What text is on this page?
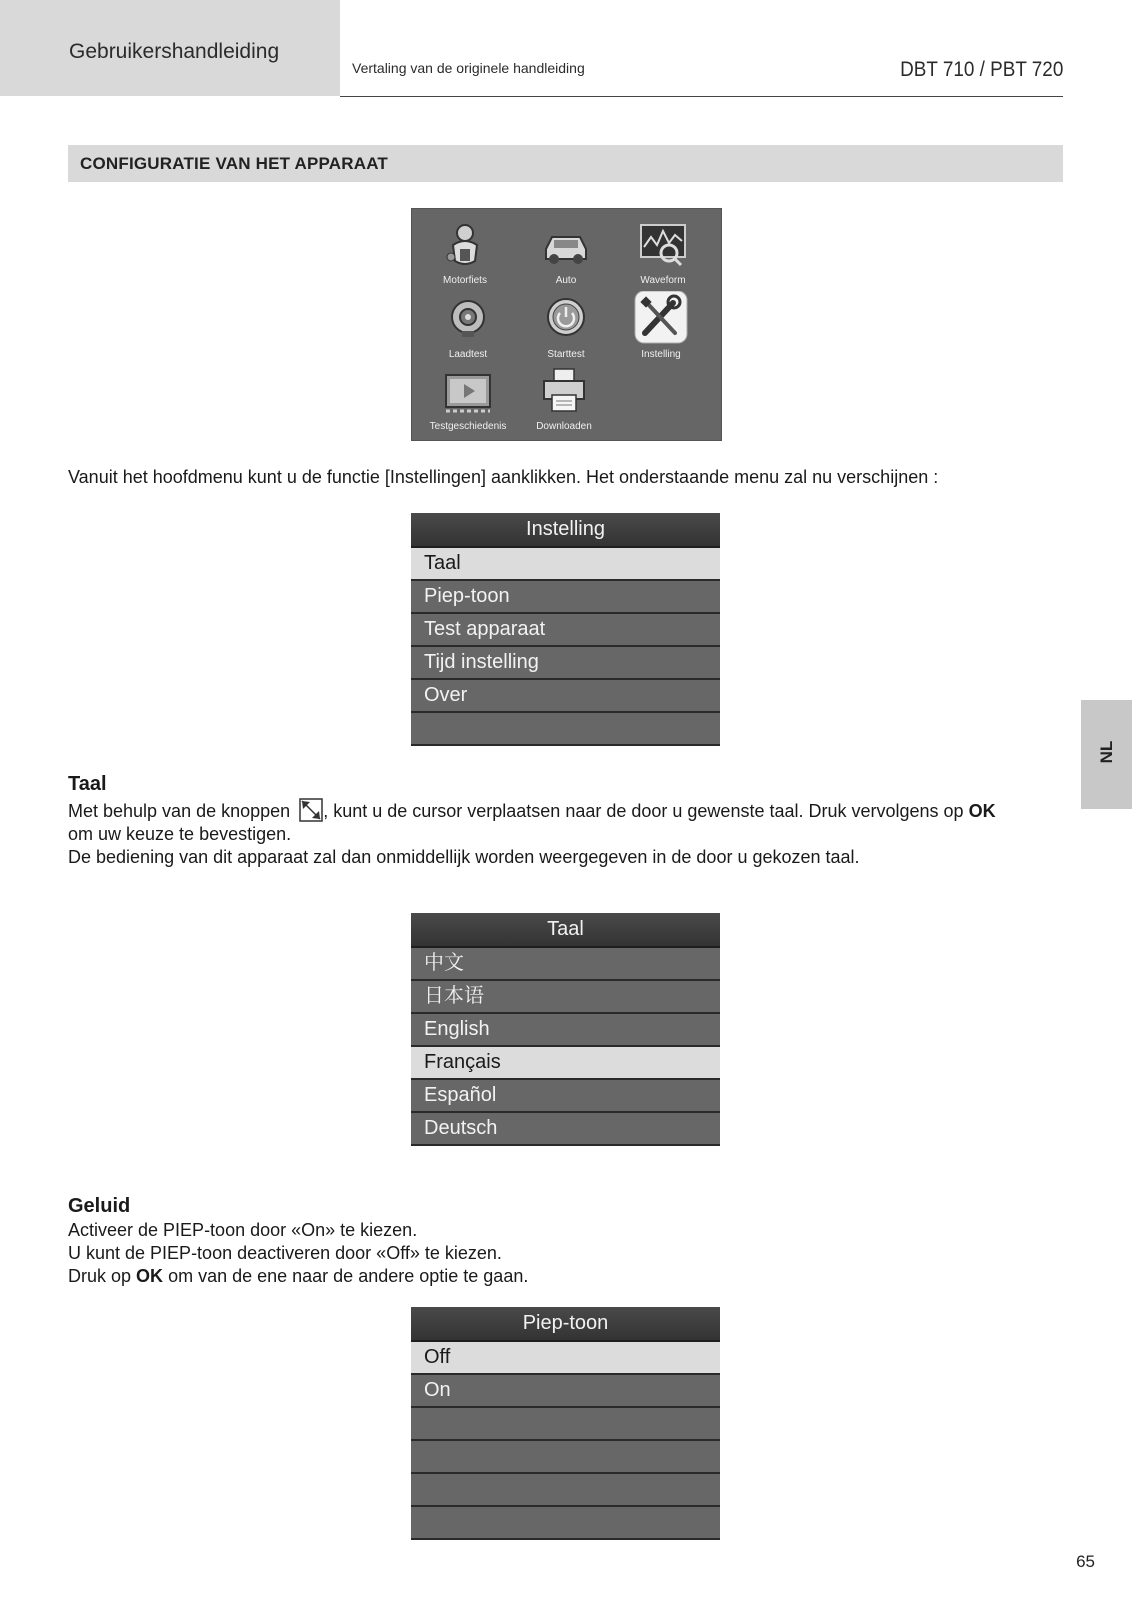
Gebruikershandleiding
Vertaling van de originele handleiding	DBT 710 / PBT 720
CONFIGURATIE VAN HET APPARAAT
Motorfiets	Auto	Waveform
Laadtest	Starttest	Instelling
Testgeschiedenis	Downloaden
Vanuit het hoofdmenu kunt u de functie [Instellingen] aanklikken. Het onderstaande menu zal nu verschijnen :
Instelling
Taal
Piep-toon
Test apparaat
Tijd instelling
Over
Taal
Met behulp van de knoppen , kunt u de cursor verplaatsen naar de door u gewenste taal. Druk vervolgens op OK
om uw keuze te bevestigen.
De bediening van dit apparaat zal dan onmiddellijk worden weergegeven in de door u gekozen taal.
Taal
中文
日本语
English
Français
Español
Deutsch
Geluid
Activeer de PIEP-toon door «On» te kiezen.
U kunt de PIEP-toon deactiveren door «Off» te kiezen.
Druk op OK om van de ene naar de andere optie te gaan.
Piep-toon
Off
On
NL
65
